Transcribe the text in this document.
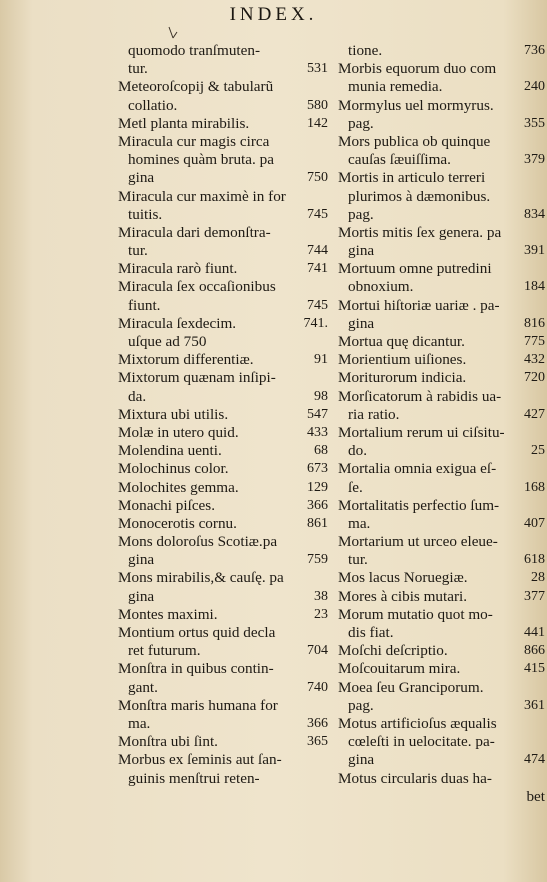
INDEX.
quomodo tranſmuten-
tur.	531
Meteoroſcopij & tabularũ
collatio.	580
Metl planta mirabilis.	142
Miracula cur magis circa
homines quàm bruta. pa
gina	750
Miracula cur maximè in for
tuitis.	745
Miracula dari demonſtra-
tur.	744
Miracula rarò fiunt.	741
Miracula ſex occaſionibus
fiunt.	745
Miracula ſexdecim.	741.
uſque ad 750
Mixtorum differentiæ.	91
Mixtorum quænam inſipi-
da.	98
Mixtura ubi utilis.	547
Molæ in utero quid.	433
Molendina uenti.	68
Molochinus color.	673
Molochites gemma.	129
Monachi piſces.	366
Monocerotis cornu.	861
Mons doloroſus Scotiæ.pa
gina	759
Mons mirabilis,& cauſę. pa
gina	38
Montes maximi.	23
Montium ortus quid decla
ret futurum.	704
Monſtra in quibus contin-
gant.	740
Monſtra maris humana for
ma.	366
Monſtra ubi ſint.	365
Morbus ex ſeminis aut ſan-
guinis menſtrui reten-
tione.	736
Morbis equorum duo com
munia remedia.	240
Mormylus uel mormyrus.
pag.	355
Mors publica ob quinque
cauſas ſæuiſſima.	379
Mortis in articulo terreri
plurimos à dæmonibus.
pag.	834
Mortis mitis ſex genera. pa
gina	391
Mortuum omne putredini
obnoxium.	184
Mortui hiſtoriæ uariæ . pa-
gina	816
Mortua quę dicantur.	775
Morientium uiſiones.	432
Moriturorum indicia.	720
Morſicatorum à rabidis ua-
ria ratio.	427
Mortalium rerum ui ciſsitu-
do.	25
Mortalia omnia exigua eſ-
ſe.	168
Mortalitatis perfectio ſum-
ma.	407
Mortarium ut urceo eleue-
tur.	618
Mos lacus Noruegiæ.	28
Mores à cibis mutari.	377
Morum mutatio quot mo-
dis fiat.	441
Moſchi deſcriptio.	866
Moſcouitarum mira.	415
Moea ſeu Granciporum.
pag.	361
Motus artificioſus æqualis
cœleſti in uelocitate. pa-
gina	474
Motus circularis duas ha-
bet
